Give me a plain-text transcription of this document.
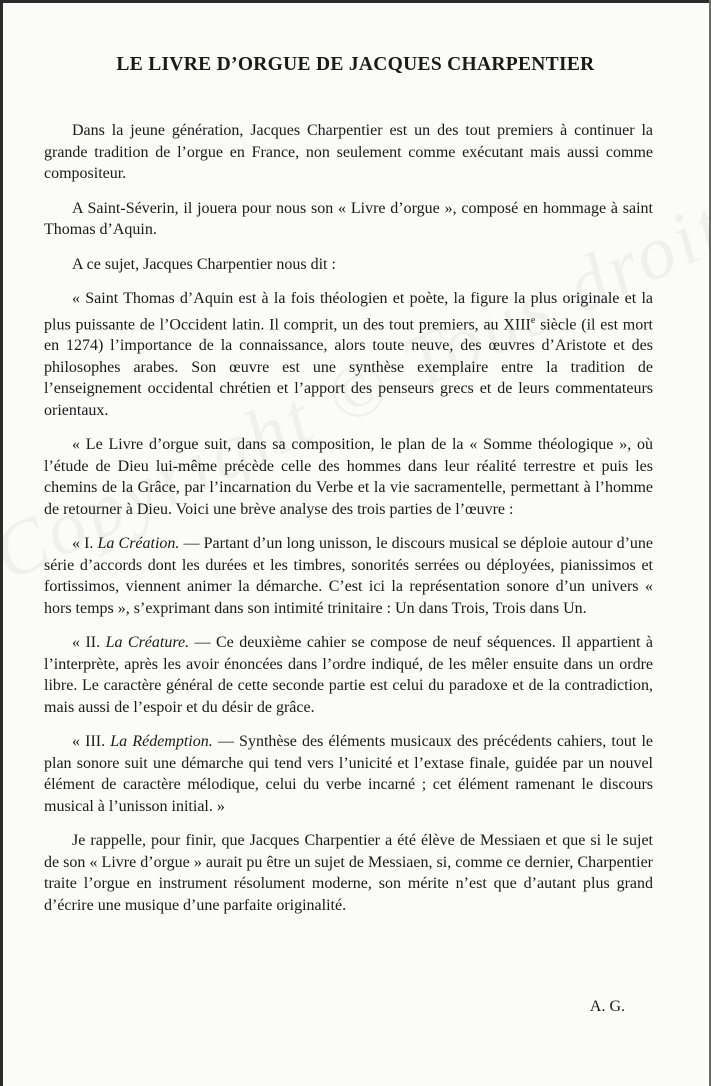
LE LIVRE D’ORGUE DE JACQUES CHARPENTIER

Dans la jeune génération, Jacques Charpentier est un des tout premiers à continuer la grande tradition de l’orgue en France, non seulement comme exécutant mais aussi comme compositeur.

A Saint-Séverin, il jouera pour nous son « Livre d’orgue », composé en hommage à saint Thomas d’Aquin.

A ce sujet, Jacques Charpentier nous dit :

« Saint Thomas d’Aquin est à la fois théologien et poète, la figure la plus originale et la plus puissante de l’Occident latin. Il comprit, un des tout premiers, au XIIIe siècle (il est mort en 1274) l’importance de la connaissance, alors toute neuve, des œuvres d’Aristote et des philosophes arabes. Son œuvre est une synthèse exemplaire entre la tradition de l’enseignement occidental chrétien et l’apport des penseurs grecs et de leurs commentateurs orientaux.

« Le Livre d’orgue suit, dans sa composition, le plan de la « Somme théologique », où l’étude de Dieu lui-même précède celle des hommes dans leur réalité terrestre et puis les chemins de la Grâce, par l’incarnation du Verbe et la vie sacramentelle, permettant à l’homme de retourner à Dieu. Voici une brève analyse des trois parties de l’œuvre :

« I. La Création. — Partant d’un long unisson, le discours musical se déploie autour d’une série d’accords dont les durées et les timbres, sonorités serrées ou déployées, pianissimos et fortissimos, viennent animer la démarche. C’est ici la représentation sonore d’un univers « hors temps », s’exprimant dans son intimité trinitaire : Un dans Trois, Trois dans Un.

« II. La Créature. — Ce deuxième cahier se compose de neuf séquences. Il appartient à l’interprète, après les avoir énoncées dans l’ordre indiqué, de les mêler ensuite dans un ordre libre. Le caractère général de cette seconde partie est celui du paradoxe et de la contradiction, mais aussi de l’espoir et du désir de grâce.

« III. La Rédemption. — Synthèse des éléments musicaux des précédents cahiers, tout le plan sonore suit une démarche qui tend vers l’unicité et l’extase finale, guidée par un nouvel élément de caractère mélodique, celui du verbe incarné ; cet élément ramenant le discours musical à l’unisson initial. »

Je rappelle, pour finir, que Jacques Charpentier a été élève de Messiaen et que si le sujet de son « Livre d’orgue » aurait pu être un sujet de Messiaen, si, comme ce dernier, Charpentier traite l’orgue en instrument résolument moderne, son mérite n’est que d’autant plus grand d’écrire une musique d’une parfaite originalité.

A. G.
